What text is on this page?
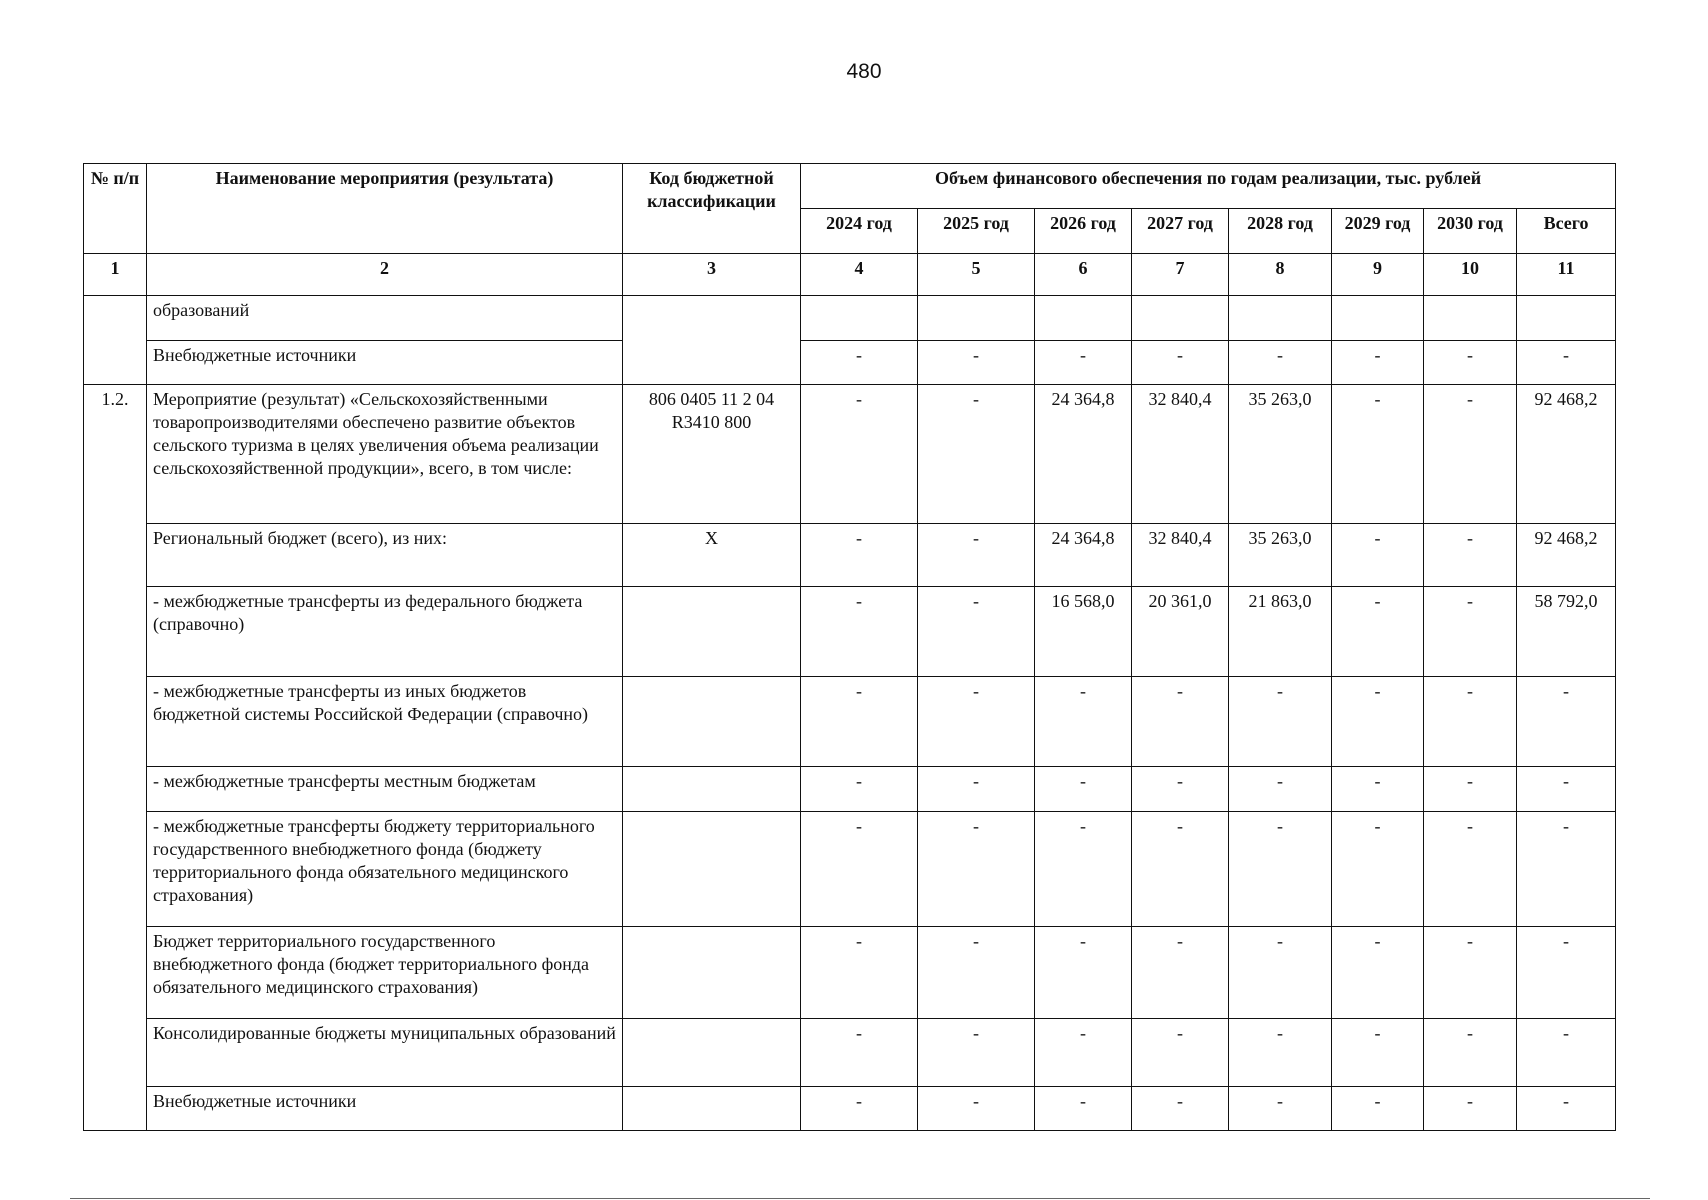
480
№ п/п	Наименование мероприятия (результата)	Код бюджетной классификации	Объем финансового обеспечения по годам реализации, тыс. рублей							
			2024 год	2025 год	2026 год	2027 год	2028 год	2029 год	2030 год	Всего
1	2	3	4	5	6	7	8	9	10	11
	образований									
	Внебюджетные источники		-	-	-	-	-	-	-	-
1.2.	Мероприятие (результат) «Сельскохозяйственными товаропроизводителями обеспечено развитие объектов сельского туризма в целях увеличения объема реализации сельскохозяйственной продукции», всего, в том числе:	806 0405 11 2 04 R3410 800	-	-	24 364,8	32 840,4	35 263,0	-	-	92 468,2
	Региональный бюджет (всего), из них:	X	-	-	24 364,8	32 840,4	35 263,0	-	-	92 468,2
	- межбюджетные трансферты из федерального бюджета (справочно)		-	-	16 568,0	20 361,0	21 863,0	-	-	58 792,0
	- межбюджетные трансферты из иных бюджетов бюджетной системы Российской Федерации (справочно)		-	-	-	-	-	-	-	-
	- межбюджетные трансферты местным бюджетам		-	-	-	-	-	-	-	-
	- межбюджетные трансферты бюджету территориального государственного внебюджетного фонда (бюджету территориального фонда обязательного медицинского страхования)		-	-	-	-	-	-	-	-
	Бюджет территориального государственного внебюджетного фонда (бюджет территориального фонда обязательного медицинского страхования)		-	-	-	-	-	-	-	-
	Консолидированные бюджеты муниципальных образований		-	-	-	-	-	-	-	-
	Внебюджетные источники		-	-	-	-	-	-	-	-
